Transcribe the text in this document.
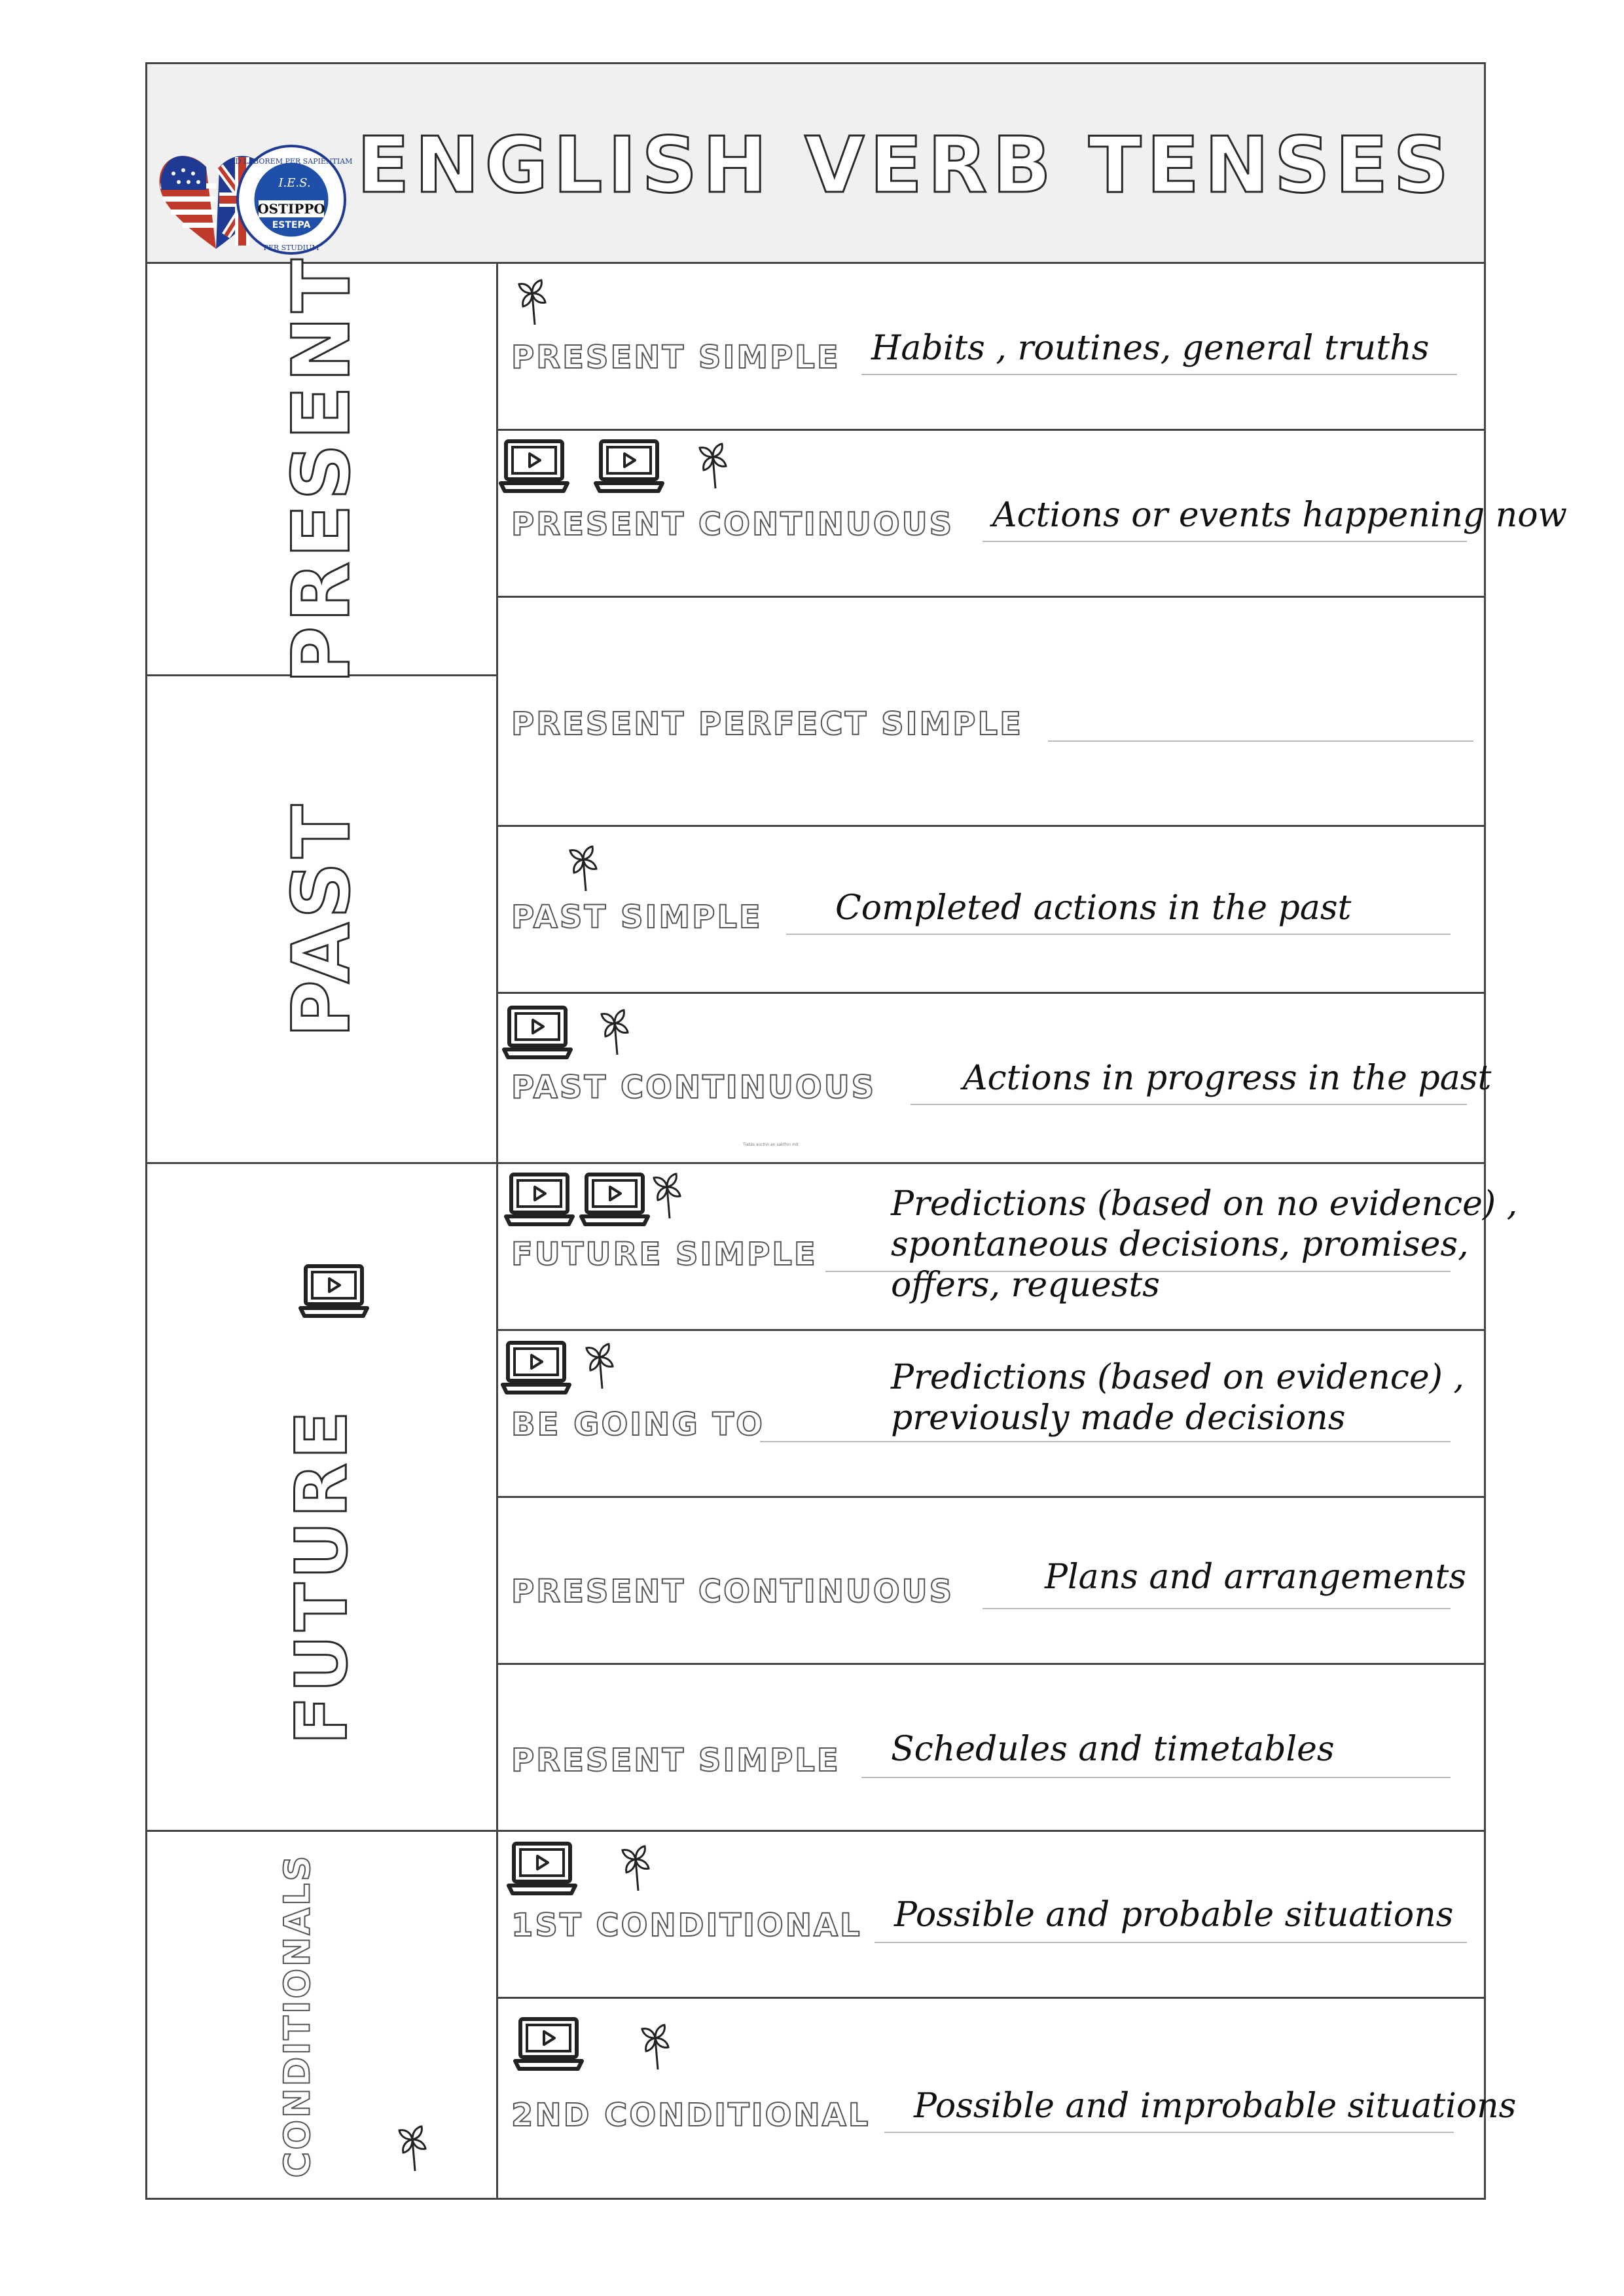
AD LABOREM PER SAPIENTIAM
PER STUDIUM
I.E.S.
OSTIPPO
ESTEPA
ENGLISH VERB TENSES
PRESENT
PAST
FUTURE
CONDITIONALS
PRESENT SIMPLE Habits , routines, general truths
PRESENT CONTINUOUS Actions or events happening now
PRESENT PERFECT SIMPLE
PAST SIMPLE Completed actions in the past
PAST CONTINUOUS	Actions in progress in the past
FUTURE SIMPLE
Predictions (based on no evidence) ,
spontaneous decisions, promises,
offers, requests
BE GOING TO
Predictions (based on evidence) ,
previously made decisions
PRESENT CONTINUOUS	Plans and arrangements
PRESENT SIMPLE Schedules and timetables
1ST CONDITIONAL Possible and probable situations
2ND CONDITIONAL Possible and improbable situations
Tiatás auctivi an sakthin mit
